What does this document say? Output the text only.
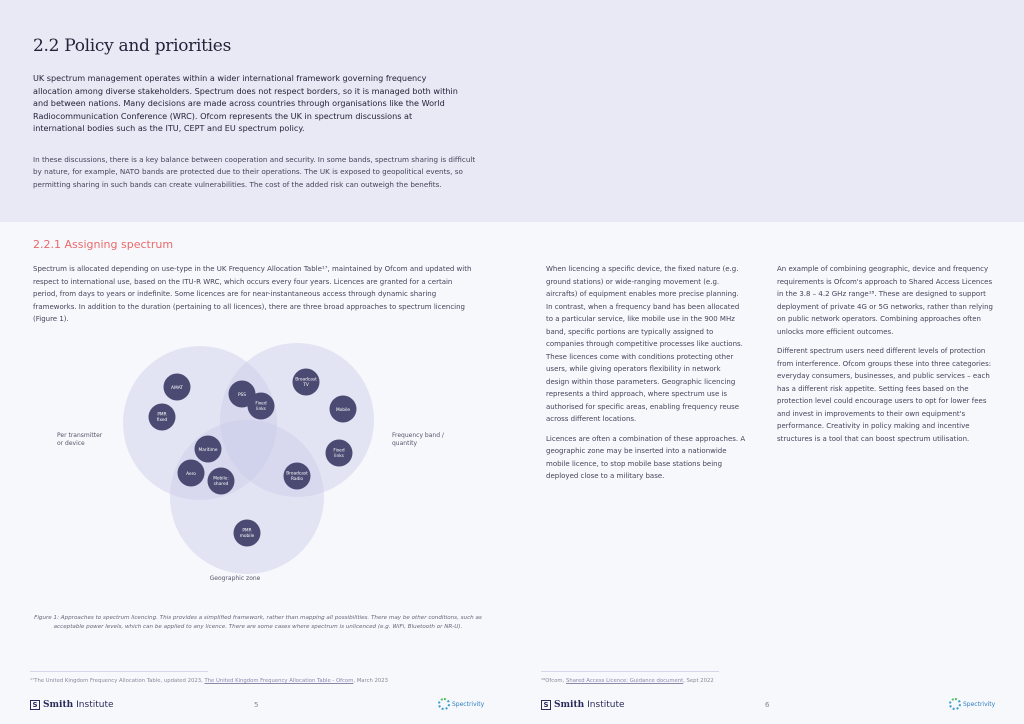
2.2 Policy and priorities
UK spectrum management operates within a wider international framework governing frequency allocation among diverse stakeholders. Spectrum does not respect borders, so it is managed both within and between nations. Many decisions are made across countries through organisations like the World Radiocommunication Conference (WRC). Ofcom represents the UK in spectrum discussions at international bodies such as the ITU, CEPT and EU spectrum policy.
In these discussions, there is a key balance between cooperation and security. In some bands, spectrum sharing is difficult by nature, for example, NATO bands are protected due to their operations. The UK is exposed to geopolitical events, so permitting sharing in such bands can create vulnerabilities. The cost of the added risk can outweigh the benefits.
2.2.1 Assigning spectrum
Spectrum is allocated depending on use-type in the UK Frequency Allocation Table¹⁷, maintained by Ofcom and updated with respect to international use, based on the ITU-R WRC, which occurs every four years. Licences are granted for a certain period, from days to years or indefinite. Some licences are for near-instantaneous access through dynamic sharing frameworks. In addition to the duration (pertaining to all licences), there are three broad approaches to spectrum licencing (Figure 1).
Per transmitter or device
Frequency band / quantity
Geographic zone
AMAT
PMR fixed
PSS
Fixed links
Broadcast TV
Mobile
Fixed links
Maritime
Aero
Mobile: shared
Broadcast Radio
PMR mobile

When licencing a specific device, the fixed nature (e.g. ground stations) or wide-ranging movement (e.g. aircrafts) of equipment enables more precise planning. In contrast, when a frequency band has been allocated to a particular service, like mobile use in the 900 MHz band, specific portions are typically assigned to companies through competitive processes like auctions. These licences come with conditions protecting other users, while giving operators flexibility in network design within those parameters. Geographic licencing represents a third approach, where spectrum use is authorised for specific areas, enabling frequency reuse across different locations.

Licences are often a combination of these approaches. A geographic zone may be inserted into a nationwide mobile licence, to stop mobile base stations being deployed close to a military base.

An example of combining geographic, device and frequency requirements is Ofcom's approach to Shared Access Licences in the 3.8 – 4.2 GHz range¹⁸. These are designed to support deployment of private 4G or 5G networks, rather than relying on public network operators. Combining approaches often unlocks more efficient outcomes.

Different spectrum users need different levels of protection from interference. Ofcom groups these into three categories: everyday consumers, businesses, and public services – each has a different risk appetite. Setting fees based on the protection level could encourage users to opt for lower fees and invest in improvements to their own equipment's performance. Creativity in policy making and incentive structures is a tool that can boost spectrum utilisation.

Figure 1: Approaches to spectrum licencing. This provides a simplified framework, rather than mapping all possibilities. There may be other conditions, such as acceptable power levels, which can be applied to any licence. There are some cases where spectrum is unlicenced (e.g. WiFi, Bluetooth or NR-U).
¹⁷The United Kingdom Frequency Allocation Table, updated 2023, The United Kingdom Frequency Allocation Table - Ofcom, March 2023	¹⁸Ofcom, Shared Access Licence: Guidance document, Sept 2022
S Smith Institute	5	Spectrivity	S Smith Institute	6	Spectrivity
